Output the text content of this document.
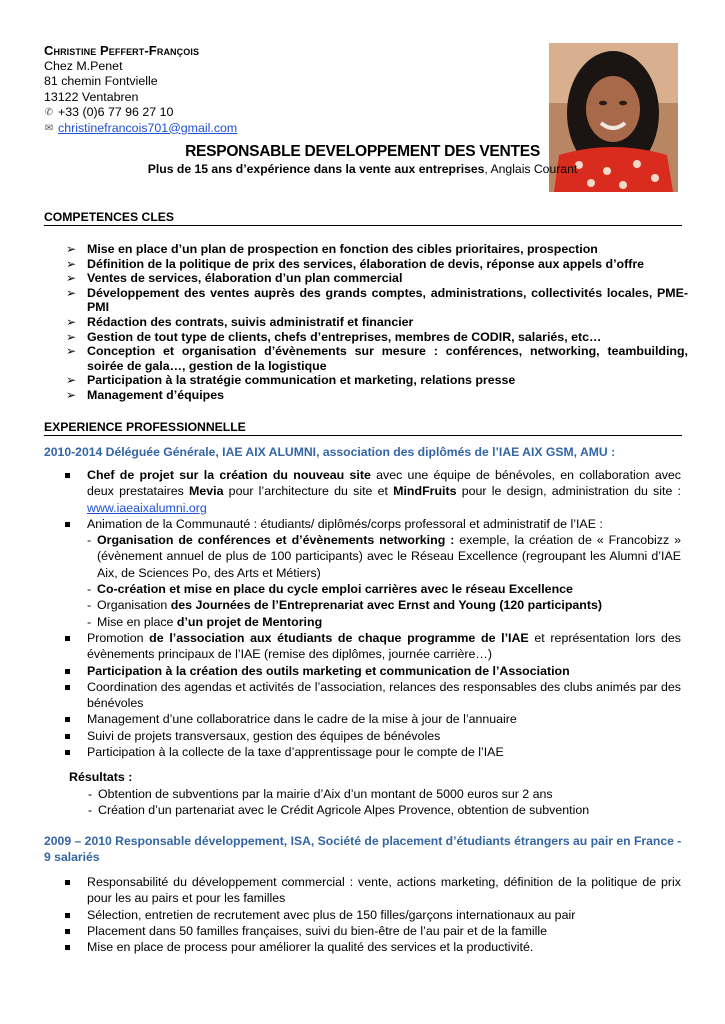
Christine Peffert-François
Chez M.Penet
81 chemin Fontvielle
13122 Ventabren
✆ +33 (0)6 77 96 27 10
✉ christinefrancois701@gmail.com
RESPONSABLE DEVELOPPEMENT DES VENTES
Plus de 15 ans d’expérience dans la vente aux entreprises, Anglais Courant
COMPETENCES CLES
➢ Mise en place d’un plan de prospection en fonction des cibles prioritaires, prospection
➢ Définition de la politique de prix des services, élaboration de devis, réponse aux appels d’offre
➢ Ventes de services, élaboration d’un plan commercial
➢ Développement des ventes auprès des grands comptes, administrations, collectivités locales, PME-PMI
➢ Rédaction des contrats, suivis administratif et financier
➢ Gestion de tout type de clients, chefs d’entreprises, membres de CODIR, salariés, etc…
➢ Conception et organisation d’évènements sur mesure : conférences, networking, teambuilding, soirée de gala…, gestion de la logistique
➢ Participation à la stratégie communication et marketing, relations presse
➢ Management d’équipes
EXPERIENCE PROFESSIONNELLE
2010-2014 Déléguée Générale, IAE AIX ALUMNI, association des diplômés de l’IAE AIX GSM, AMU :
Chef de projet sur la création du nouveau site avec une équipe de bénévoles, en collaboration avec deux prestataires Mevia pour l’architecture du site et MindFruits pour le design, administration du site : www.iaeaixalumni.org
Animation de la Communauté : étudiants/ diplômés/corps professoral et administratif de l’IAE :
- Organisation de conférences et d’évènements networking : exemple, la création de « Francobizz » (évènement annuel de plus de 100 participants) avec le Réseau Excellence (regroupant les Alumni d’IAE Aix, de Sciences Po, des Arts et Métiers)
- Co-création et mise en place du cycle emploi carrières avec le réseau Excellence
- Organisation des Journées de l’Entreprenariat avec Ernst and Young (120 participants)
- Mise en place d’un projet de Mentoring
Promotion de l’association aux étudiants de chaque programme de l’IAE et représentation lors des évènements principaux de l’IAE (remise des diplômes, journée carrière…)
Participation à la création des outils marketing et communication de l’Association
Coordination des agendas et activités de l’association, relances des responsables des clubs animés par des bénévoles
Management d’une collaboratrice dans le cadre de la mise à jour de l’annuaire
Suivi de projets transversaux, gestion des équipes de bénévoles
Participation à la collecte de la taxe d’apprentissage pour le compte de l’IAE
Résultats :
- Obtention de subventions par la mairie d’Aix d’un montant de 5000 euros sur 2 ans
- Création d’un partenariat avec le Crédit Agricole Alpes Provence, obtention de subvention
2009 – 2010 Responsable développement, ISA, Société de placement d’étudiants étrangers au pair en France - 9 salariés
Responsabilité du développement commercial : vente, actions marketing, définition de la politique de prix pour les au pairs et pour les familles
Sélection, entretien de recrutement avec plus de 150 filles/garçons internationaux au pair
Placement dans 50 familles françaises, suivi du bien-être de l’au pair et de la famille
Mise en place de process pour améliorer la qualité des services et la productivité.
